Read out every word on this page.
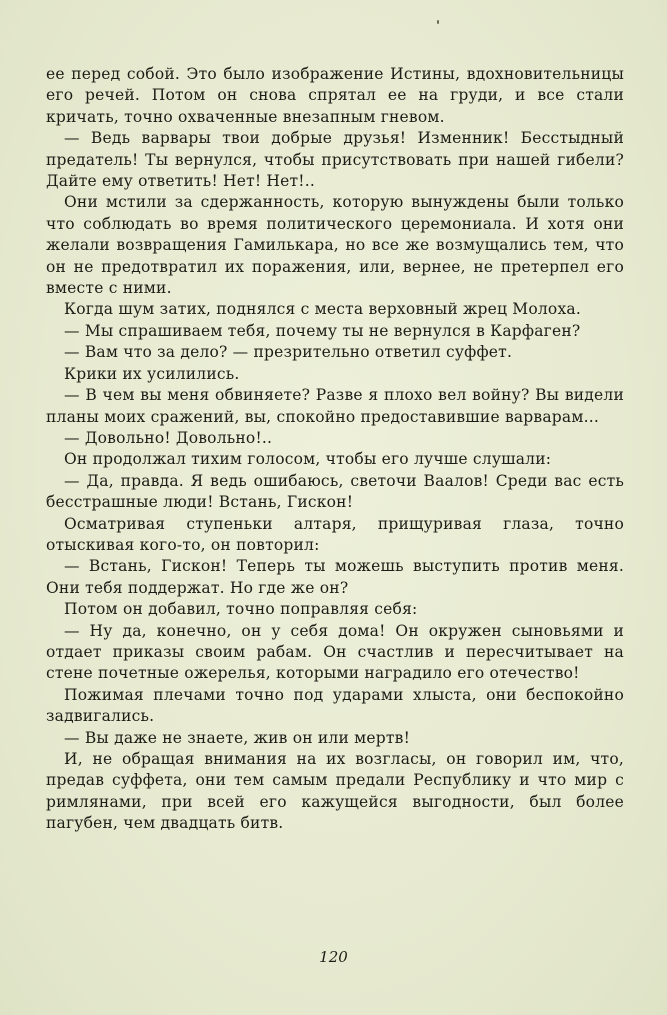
ее перед собой. Это было изображение Истины, вдохновительницы его речей. Потом он снова спрятал ее на груди, и все стали кричать, точно охваченные внезапным гневом.

— Ведь варвары твои добрые друзья! Изменник! Бесстыдный предатель! Ты вернулся, чтобы присутствовать при нашей гибели? Дайте ему ответить! Нет! Нет!..

Они мстили за сдержанность, которую вынуждены были только что соблюдать во время политического церемониала. И хотя они желали возвращения Гамилькара, но все же возмущались тем, что он не предотвратил их поражения, или, вернее, не претерпел его вместе с ними.

Когда шум затих, поднялся с места верховный жрец Молоха.

— Мы спрашиваем тебя, почему ты не вернулся в Карфаген?

— Вам что за дело? — презрительно ответил суффет.

Крики их усилились.

— В чем вы меня обвиняете? Разве я плохо вел войну? Вы видели планы моих сражений, вы, спокойно предоставившие варварам...

— Довольно! Довольно!..

Он продолжал тихим голосом, чтобы его лучше слушали:

— Да, правда. Я ведь ошибаюсь, светочи Ваалов! Среди вас есть бесстрашные люди! Встань, Гискон!

Осматривая ступеньки алтаря, прищуривая глаза, точно отыскивая кого-то, он повторил:

— Встань, Гискон! Теперь ты можешь выступить против меня. Они тебя поддержат. Но где же он?

Потом он добавил, точно поправляя себя:

— Ну да, конечно, он у себя дома! Он окружен сыновьями и отдает приказы своим рабам. Он счастлив и пересчитывает на стене почетные ожерелья, которыми наградило его отечество!

Пожимая плечами точно под ударами хлыста, они беспокойно задвигались.

— Вы даже не знаете, жив он или мертв!

И, не обращая внимания на их возгласы, он говорил им, что, предав суффета, они тем самым предали Республику и что мир с римлянами, при всей его кажущейся выгодности, был более пагубен, чем двадцать битв.

120
